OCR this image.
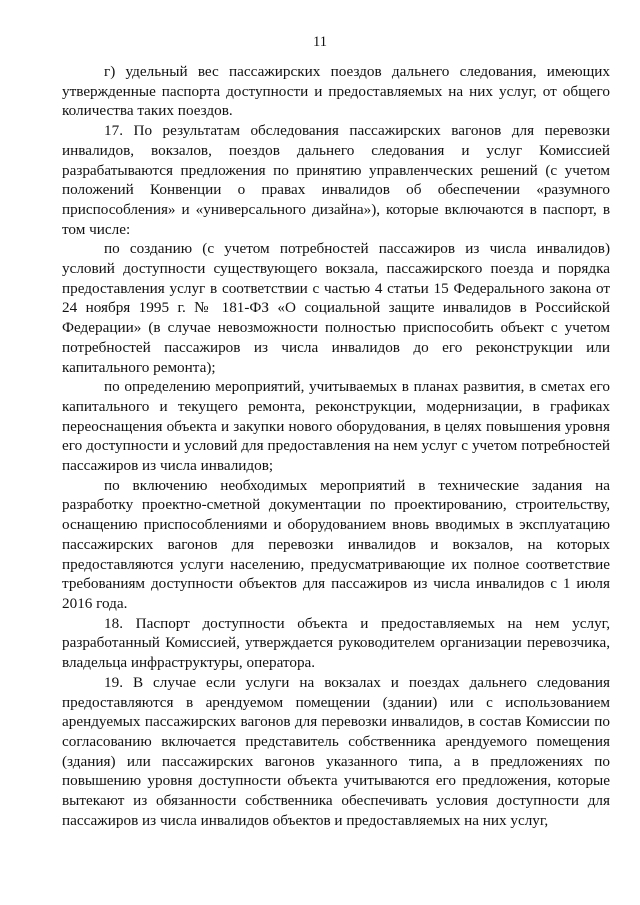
11

г) удельный вес пассажирских поездов дальнего следования, имеющих утвержденные паспорта доступности и предоставляемых на них услуг, от общего количества таких поездов.

17. По результатам обследования пассажирских вагонов для перевозки инвалидов, вокзалов, поездов дальнего следования и услуг Комиссией разрабатываются предложения по принятию управленческих решений (с учетом положений Конвенции о правах инвалидов об обеспечении «разумного приспособления» и «универсального дизайна»), которые включаются в паспорт, в том числе:

по созданию (с учетом потребностей пассажиров из числа инвалидов) условий доступности существующего вокзала, пассажирского поезда и порядка предоставления услуг в соответствии с частью 4 статьи 15 Федерального закона от 24 ноября 1995 г. № 181-ФЗ «О социальной защите инвалидов в Российской Федерации» (в случае невозможности полностью приспособить объект с учетом потребностей пассажиров из числа инвалидов до его реконструкции или капитального ремонта);

по определению мероприятий, учитываемых в планах развития, в сметах его капитального и текущего ремонта, реконструкции, модернизации, в графиках переоснащения объекта и закупки нового оборудования, в целях повышения уровня его доступности и условий для предоставления на нем услуг с учетом потребностей пассажиров из числа инвалидов;

по включению необходимых мероприятий в технические задания на разработку проектно-сметной документации по проектированию, строительству, оснащению приспособлениями и оборудованием вновь вводимых в эксплуатацию пассажирских вагонов для перевозки инвалидов и вокзалов, на которых предоставляются услуги населению, предусматривающие их полное соответствие требованиям доступности объектов для пассажиров из числа инвалидов с 1 июля 2016 года.

18. Паспорт доступности объекта и предоставляемых на нем услуг, разработанный Комиссией, утверждается руководителем организации перевозчика, владельца инфраструктуры, оператора.

19. В случае если услуги на вокзалах и поездах дальнего следования предоставляются в арендуемом помещении (здании) или с использованием арендуемых пассажирских вагонов для перевозки инвалидов, в состав Комиссии по согласованию включается представитель собственника арендуемого помещения (здания) или пассажирских вагонов указанного типа, а в предложениях по повышению уровня доступности объекта учитываются его предложения, которые вытекают из обязанности собственника обеспечивать условия доступности для пассажиров из числа инвалидов объектов и предоставляемых на них услуг,
